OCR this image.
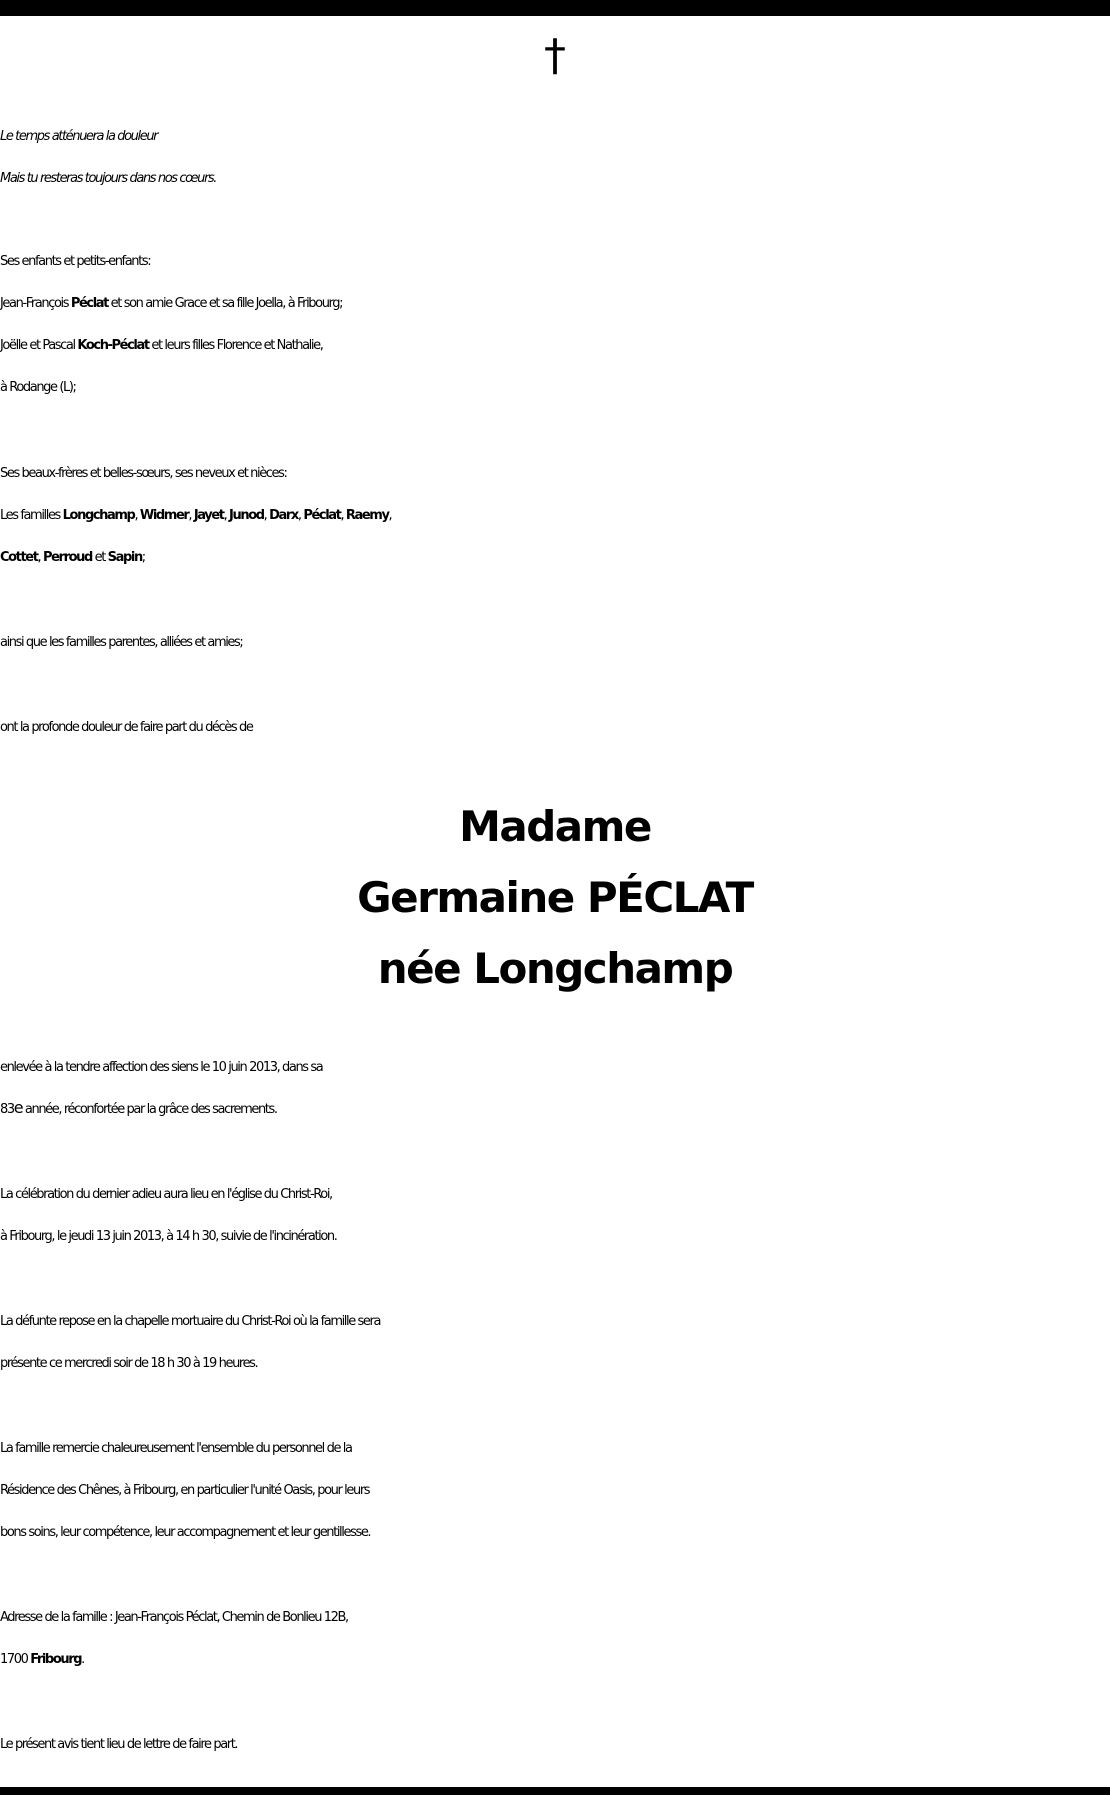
†
Le temps atténuera la douleur
Mais tu resteras toujours dans nos cœurs.
Ses enfants et petits-enfants:
Jean-François Péclat et son amie Grace et sa fille Joella, à Fribourg;
Joëlle et Pascal Koch-Péclat et leurs filles Florence et Nathalie,
à Rodange (L);
Ses beaux-frères et belles-sœurs, ses neveux et nièces:
Les familles Longchamp, Widmer, Jayet, Junod, Darx, Péclat, Raemy,
Cottet, Perroud et Sapin;
ainsi que les familles parentes, alliées et amies;
ont la profonde douleur de faire part du décès de
Madame
Germaine PÉCLAT
née Longchamp
enlevée à la tendre affection des siens le 10 juin 2013, dans sa
83e année, réconfortée par la grâce des sacrements.
La célébration du dernier adieu aura lieu en l'église du Christ-Roi,
à Fribourg, le jeudi 13 juin 2013, à 14 h 30, suivie de l'incinération.
La défunte repose en la chapelle mortuaire du Christ-Roi où la famille sera
présente ce mercredi soir de 18 h 30 à 19 heures.
La famille remercie chaleureusement l'ensemble du personnel de la
Résidence des Chênes, à Fribourg, en particulier l'unité Oasis, pour leurs
bons soins, leur compétence, leur accompagnement et leur gentillesse.
Adresse de la famille : Jean-François Péclat, Chemin de Bonlieu 12B,
1700 Fribourg.
Le présent avis tient lieu de lettre de faire part.
